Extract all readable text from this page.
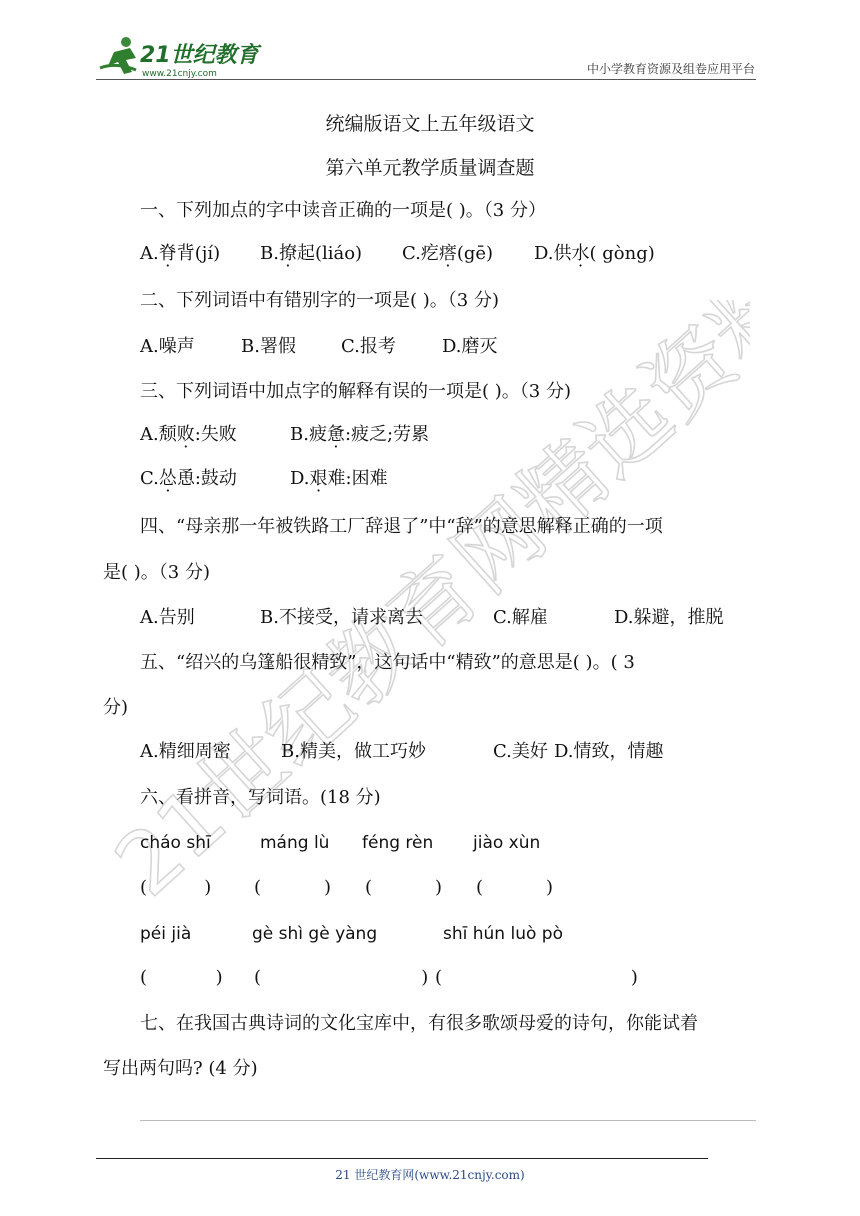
21世纪教育
www.21cnjy.com	中小学教育资源及组卷应用平台
21世纪教育网精选资料
统编版语文上五年级语文
第六单元教学质量调查题
一、下列加点的字中读音正确的一项是( )。（3 分）
A.脊背(jí) B.撩起(liáo) C.疙瘩(gē) D.供水( gòng)
二、下列词语中有错别字的一项是( )。（3 分)
A.噪声	B.署假	C.报考	D.磨灭
三、下列词语中加点字的解释有误的一项是( )。（3 分)
A.颓败:失败	B.疲惫:疲乏;劳累
C.怂恿:鼓动	D.艰难:困难
四、“母亲那一年被铁路工厂辞退了”中“辞”的意思解释正确的一项
是( )。（3 分)
A.告别	B.不接受，请求离去	C.解雇	D.躲避，推脱
五、“绍兴的乌篷船很精致”，这句话中“精致”的意思是( )。( 3
分)
A.精细周密	B.精美，做工巧妙	C.美好 D.情致，情趣
六、看拼音，写词语。(18 分)
cháo shī	máng lù féng rèn jiào xùn
(          ) (           ) (           ) (           )
péi jià	gè shì gè yàng	shī hún luò pò
(            ) (                            ) (                                 )
七、在我国古典诗词的文化宝库中，有很多歌颂母爱的诗句，你能试着
写出两句吗? (4 分)
21 世纪教育网(www.21cnjy.com)
